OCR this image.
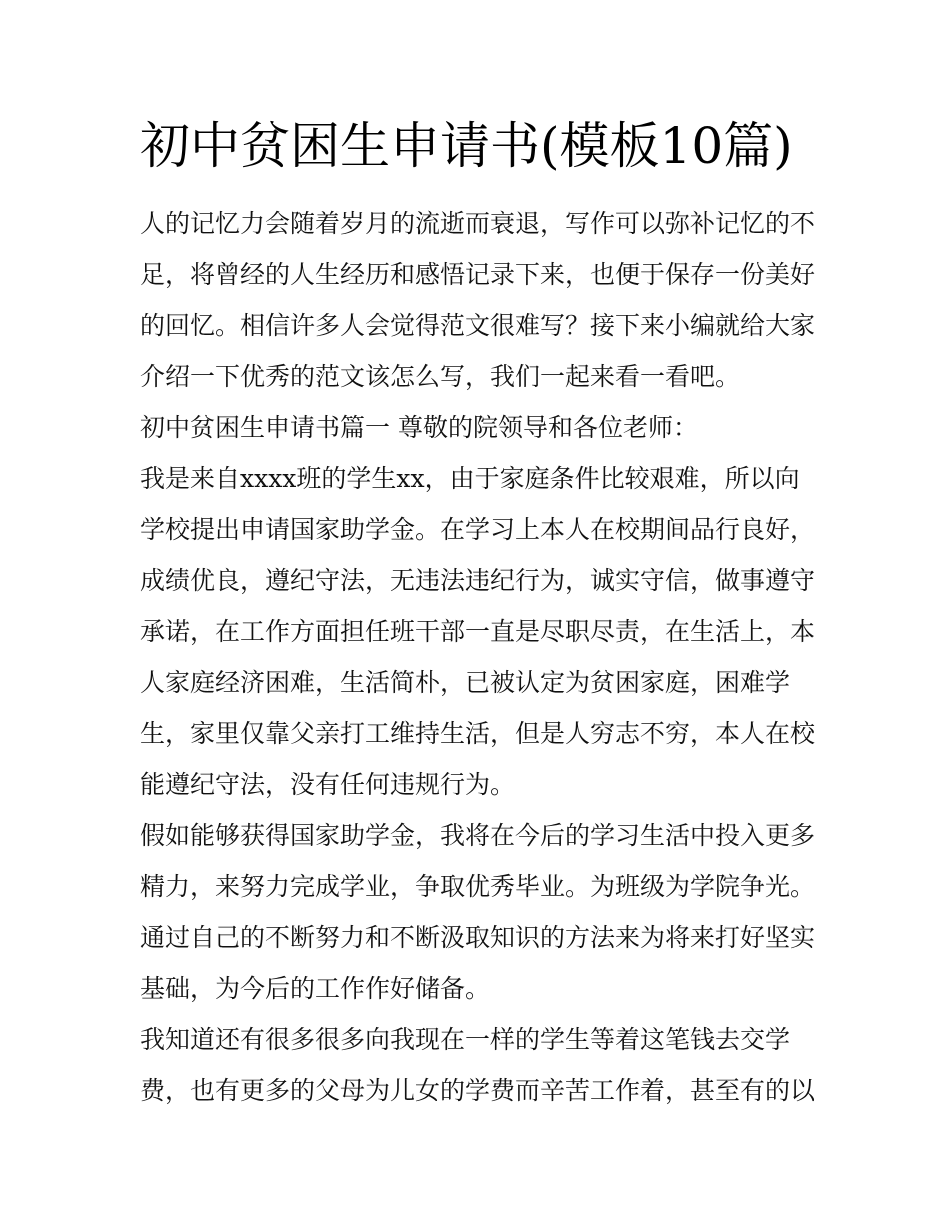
初中贫困生申请书(模板10篇)
人的记忆力会随着岁月的流逝而衰退，写作可以弥补记忆的不
足，将曾经的人生经历和感悟记录下来，也便于保存一份美好
的回忆。相信许多人会觉得范文很难写？接下来小编就给大家
介绍一下优秀的范文该怎么写，我们一起来看一看吧。
初中贫困生申请书篇一 尊敬的院领导和各位老师：
我是来自xxxx班的学生xx，由于家庭条件比较艰难，所以向
学校提出申请国家助学金。在学习上本人在校期间品行良好，
成绩优良，遵纪守法，无违法违纪行为，诚实守信，做事遵守
承诺，在工作方面担任班干部一直是尽职尽责，在生活上，本
人家庭经济困难，生活简朴，已被认定为贫困家庭，困难学
生，家里仅靠父亲打工维持生活，但是人穷志不穷，本人在校
能遵纪守法，没有任何违规行为。
假如能够获得国家助学金，我将在今后的学习生活中投入更多
精力，来努力完成学业，争取优秀毕业。为班级为学院争光。
通过自己的不断努力和不断汲取知识的方法来为将来打好坚实
基础，为今后的工作作好储备。
我知道还有很多很多向我现在一样的学生等着这笔钱去交学
费，也有更多的父母为儿女的学费而辛苦工作着，甚至有的以
